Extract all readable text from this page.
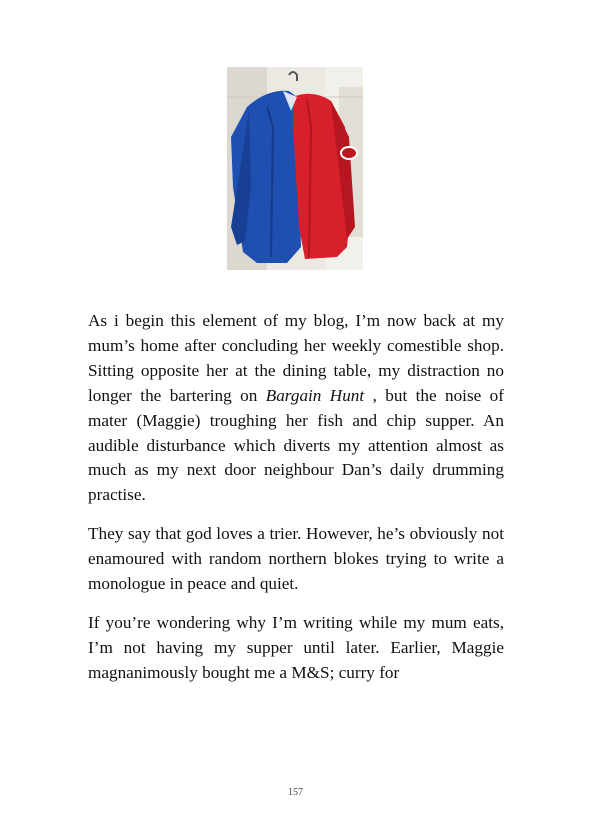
As i begin this element of my blog, I’m now back at my mum’s home after concluding her weekly comestible shop. Sitting opposite her at the dining table, my distraction no longer the bartering on Bargain Hunt , but the noise of mater (Maggie) troughing her fish and chip supper. An audible disturbance which diverts my attention almost as much as my next door neighbour Dan’s daily drumming practise.

They say that god loves a trier. However, he’s obviously not enamoured with random northern blokes trying to write a monologue in peace and quiet.

If you’re wondering why I’m writing while my mum eats, I’m not having my supper until later. Earlier, Maggie magnanimously bought me a M&S; curry for

157
